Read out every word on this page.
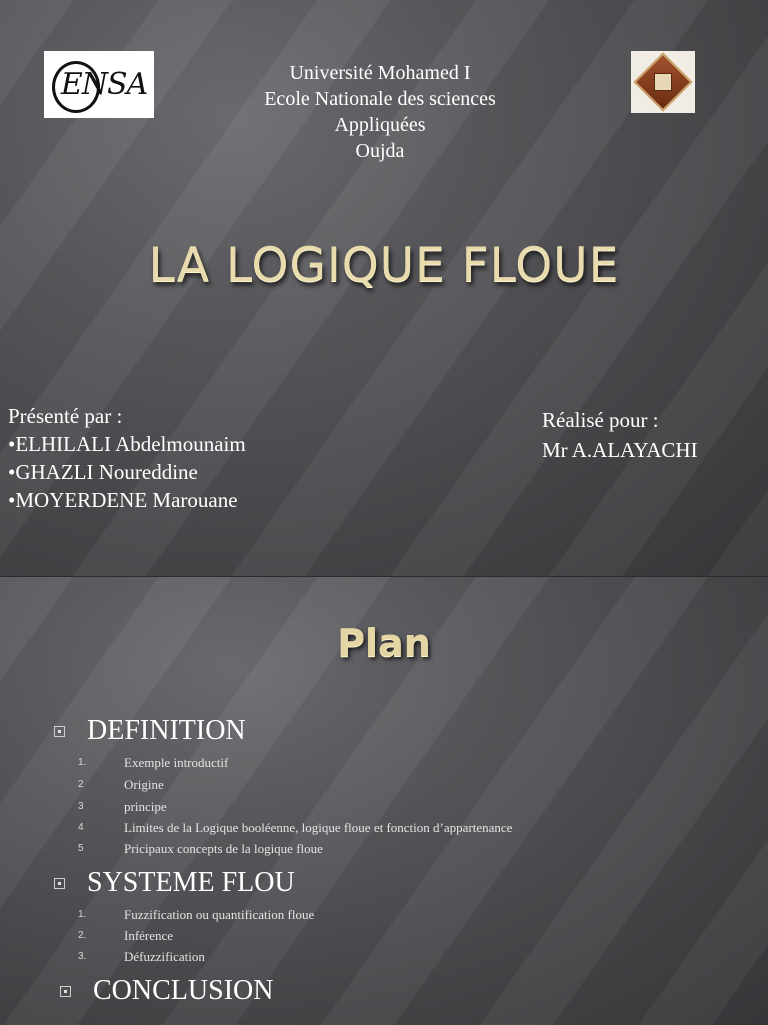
ENSA	Université Mohamed I
Ecole Nationale des sciences
Appliquées
Oujda
LA LOGIQUE FLOUE
Présenté par :
•ELHILALI Abdelmounaim
•GHAZLI Noureddine
•MOYERDENE Marouane
Réalisé pour :
Mr A.ALAYACHI
Plan
DEFINITION
1.	Exemple introductif
2	Origine
3	principe
4	Limites de la Logique booléenne, logique floue et fonction d’appartenance
5	Pricipaux concepts de la logique floue
SYSTEME FLOU
1.	Fuzzification ou quantification floue
2.	Inférence
3.	Défuzzification
CONCLUSION
